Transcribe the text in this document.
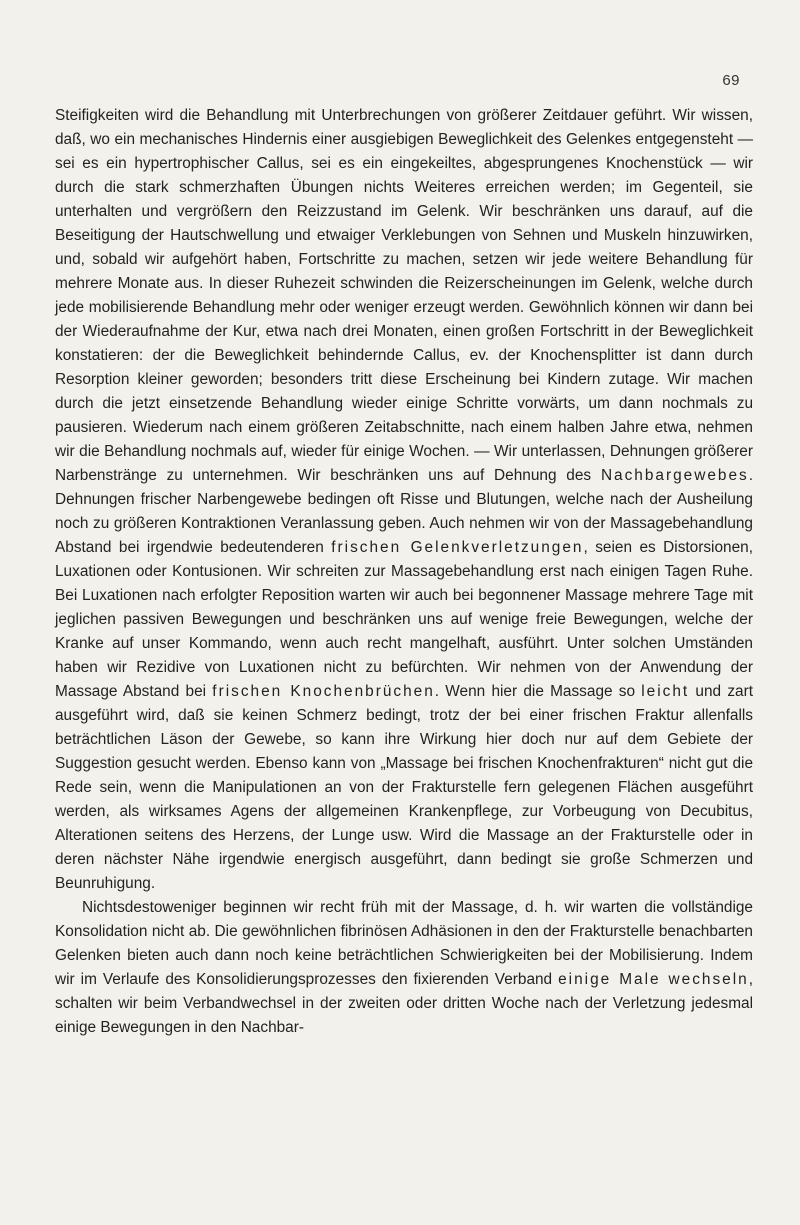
69

Steifigkeiten wird die Behandlung mit Unterbrechungen von größerer Zeitdauer geführt. Wir wissen, daß, wo ein mechanisches Hindernis einer ausgiebigen Beweglichkeit des Gelenkes entgegensteht — sei es ein hypertrophischer Callus, sei es ein eingekeiltes, abgesprungenes Knochenstück — wir durch die stark schmerzhaften Übungen nichts Weiteres erreichen werden; im Gegenteil, sie unterhalten und vergrößern den Reizzustand im Gelenk. Wir beschränken uns darauf, auf die Beseitigung der Hautschwellung und etwaiger Verklebungen von Sehnen und Muskeln hinzuwirken, und, sobald wir aufgehört haben, Fortschritte zu machen, setzen wir jede weitere Behandlung für mehrere Monate aus. In dieser Ruhezeit schwinden die Reizerscheinungen im Gelenk, welche durch jede mobilisierende Behandlung mehr oder weniger erzeugt werden. Gewöhnlich können wir dann bei der Wiederaufnahme der Kur, etwa nach drei Monaten, einen großen Fortschritt in der Beweglichkeit konstatieren: der die Beweglichkeit behindernde Callus, ev. der Knochensplitter ist dann durch Resorption kleiner geworden; besonders tritt diese Erscheinung bei Kindern zutage. Wir machen durch die jetzt einsetzende Behandlung wieder einige Schritte vorwärts, um dann nochmals zu pausieren. Wiederum nach einem größeren Zeitabschnitte, nach einem halben Jahre etwa, nehmen wir die Behandlung nochmals auf, wieder für einige Wochen. — Wir unterlassen, Dehnungen größerer Narbenstränge zu unternehmen. Wir beschränken uns auf Dehnung des Nachbargewebes. Dehnungen frischer Narbengewebe bedingen oft Risse und Blutungen, welche nach der Ausheilung noch zu größeren Kontraktionen Veranlassung geben. Auch nehmen wir von der Massagebehandlung Abstand bei irgendwie bedeutenderen frischen Gelenkverletzungen, seien es Distorsionen, Luxationen oder Kontusionen. Wir schreiten zur Massagebehandlung erst nach einigen Tagen Ruhe. Bei Luxationen nach erfolgter Reposition warten wir auch bei begonnener Massage mehrere Tage mit jeglichen passiven Bewegungen und beschränken uns auf wenige freie Bewegungen, welche der Kranke auf unser Kommando, wenn auch recht mangelhaft, ausführt. Unter solchen Umständen haben wir Rezidive von Luxationen nicht zu befürchten. Wir nehmen von der Anwendung der Massage Abstand bei frischen Knochenbrüchen. Wenn hier die Massage so leicht und zart ausgeführt wird, daß sie keinen Schmerz bedingt, trotz der bei einer frischen Fraktur allenfalls beträchtlichen Läson der Gewebe, so kann ihre Wirkung hier doch nur auf dem Gebiete der Suggestion gesucht werden. Ebenso kann von „Massage bei frischen Knochenfrakturen“ nicht gut die Rede sein, wenn die Manipulationen an von der Frakturstelle fern gelegenen Flächen ausgeführt werden, als wirksames Agens der allgemeinen Krankenpflege, zur Vorbeugung von Decubitus, Alterationen seitens des Herzens, der Lunge usw. Wird die Massage an der Frakturstelle oder in deren nächster Nähe irgendwie energisch ausgeführt, dann bedingt sie große Schmerzen und Beunruhigung.

Nichtsdestoweniger beginnen wir recht früh mit der Massage, d. h. wir warten die vollständige Konsolidation nicht ab. Die gewöhnlichen fibrinösen Adhäsionen in den der Frakturstelle benachbarten Gelenken bieten auch dann noch keine beträchtlichen Schwierigkeiten bei der Mobilisierung. Indem wir im Verlaufe des Konsolidierungsprozesses den fixierenden Verband einige Male wechseln, schalten wir beim Verbandwechsel in der zweiten oder dritten Woche nach der Verletzung jedesmal einige Bewegungen in den Nachbar-
